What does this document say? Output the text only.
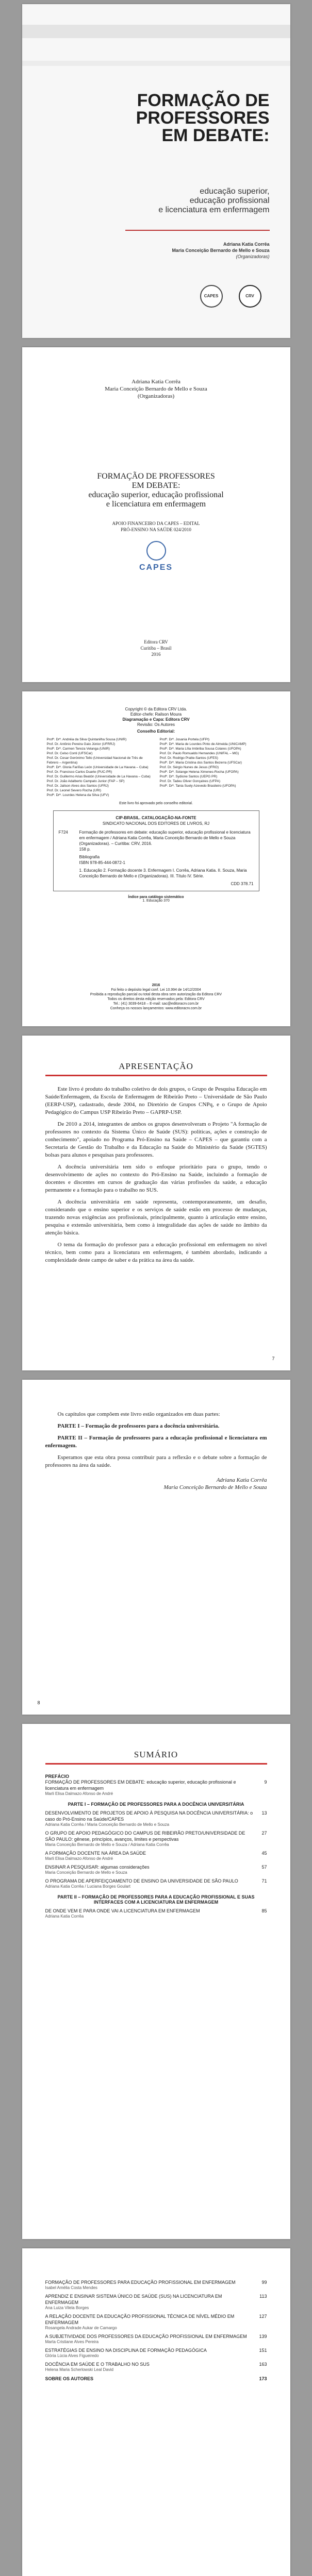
FORMAÇÃO DE
PROFESSORES
EM DEBATE:
educação superior,
educação profissional
e licenciatura em enfermagem
Adriana Katia Corrêa
Maria Conceição Bernardo de Mello e Souza
(Organizadoras)
CAPES	CRV
Adriana Katia Corrêa
Maria Conceição Bernardo de Mello e Souza
(Organizadoras)
FORMAÇÃO DE PROFESSORES
EM DEBATE:
educação superior, educação profissional
e licenciatura em enfermagem
APOIO FINANCEIRO DA CAPES – EDITAL
PRÓ-ENSINO NA SAÚDE 024/2010
CAPES
Editora CRV
Curitiba – Brasil
2016
Copyright © da Editora CRV Ltda.
Editor-chefe: Railson Moura
Diagramação e Capa: Editora CRV
Revisão: Os Autores
Conselho Editorial:
Profª. Drª. Andréia da Silva Quintanilha Sousa (UNIR)
Prof. Dr. Antônio Pereira Gaio Júnior (UFRRJ)
Profª. Drª. Carmen Tereza Velanga (UNIR)
Prof. Dr. Celso Conti (UFSCar)
Prof. Dr. Cesar Gerónimo Tello (Universidad Nacional de Três de Febrero – Argentina)
Profª. Drª. Gloria Fariñas León (Universidade de La Havana – Cuba)
Prof. Dr. Francisco Carlos Duarte (PUC-PR)
Prof. Dr. Guillermo Arias Beatón (Universidade de La Havana – Cuba)
Prof. Dr. João Adalberto Campato Junior (FAP – SP)
Prof. Dr. Jailson Alves dos Santos (UFRJ)
Prof. Dr. Leonel Severo Rocha (URI)
Profª. Drª. Lourdes Helena da Silva (UFV)
Profª. Drª. Josania Portela (UFPI)
Profª. Drª. Maria de Lourdes Pinto de Almeida (UNICAMP)
Profª. Drª. Maria Lília Imbiriba Sousa Colares (UFOPA)
Prof. Dr. Paulo Romualdo Hernandes (UNIFAL – MG)
Prof. Dr. Rodrigo Pratte-Santos (UFES)
Profª. Drª. Maria Cristina dos Santos Bezerra (UFSCar)
Prof. Dr. Sérgio Nunes de Jesus (IFRO)
Profª. Drª. Solange Helena Ximenes-Rocha (UFOPA)
Profª. Drª. Sydione Santos (UEPG PR)
Prof. Dr. Tadeu Oliver Gonçalves (UFPA)
Profª. Drª. Tania Suely Azevedo Brasileiro (UFOPA)
Este livro foi aprovado pelo conselho editorial.
CIP-BRASIL. CATALOGAÇÃO-NA-FONTE
SINDICATO NACIONAL DOS EDITORES DE LIVROS, RJ
F724	Formação de professores em debate: educação superior, educação profissional e licenciatura em enfermagem / Adriana Katia Corrêa, Maria Conceição Bernardo de Mello e Souza (Organizadoras). – Curitiba: CRV, 2016.
158 p.
Bibliografia
ISBN 978-85-444-0872-1
1. Educação 2. Formação docente 3. Enfermagem I. Corrêa, Adriana Katia. II. Souza, Maria Conceição Bernardo de Mello e (Organizadoras). III. Título IV. Série.
CDD 378.71
Índice para catálogo sistemático
1. Educação 370
2016
Foi feito o depósito legal conf. Lei 10.994 de 14/12/2004
Proibida a reprodução parcial ou total desta obra sem autorização da Editora CRV
Todos os direitos desta edição reservados pela: Editora CRV
Tel.: (41) 3039-6418 – E-mail: sac@editoracrv.com.br
Conheça os nossos lançamentos: www.editoracrv.com.br
APRESENTAÇÃO

Este livro é produto do trabalho coletivo de dois grupos, o Grupo de Pesquisa Educação em Saúde/Enfermagem, da Escola de Enfermagem de Ribeirão Preto – Universidade de São Paulo (EERP-USP), cadastrado, desde 2004, no Diretório de Grupos CNPq, e o Grupo de Apoio Pedagógico do Campus USP Ribeirão Preto – GAPRP-USP.

De 2010 a 2014, integrantes de ambos os grupos desenvolveram o Projeto "A formação de professores no contexto da Sistema Único de Saúde (SUS): políticas, ações e construção de conhecimento", apoiado no Programa Pró-Ensino na Saúde – CAPES – que garantiu com a Secretaria de Gestão do Trabalho e da Educação na Saúde do Ministério da Saúde (SGTES) bolsas para alunos e pesquisas para professores.

A docência universitária tem sido o enfoque prioritário para o grupo, tendo o desenvolvimento de ações no contexto do Pró-Ensino na Saúde, incluindo a formação de docentes e discentes em cursos de graduação das várias profissões da saúde, a educação permanente e a formação para o trabalho no SUS.

A docência universitária em saúde representa, contemporaneamente, um desafio, considerando que o ensino superior e os serviços de saúde estão em processo de mudanças, trazendo novas exigências aos profissionais, principalmente, quanto à articulação entre ensino, pesquisa e extensão universitária, bem como à integralidade das ações de saúde no âmbito da atenção básica.

O tema da formação do professor para a educação profissional em enfermagem no nível técnico, bem como para a licenciatura em enfermagem, é também abordado, indicando a complexidade deste campo de saber e da prática na área da saúde.

7

Os capítulos que compõem este livro estão organizados em duas partes:

PARTE I – Formação de professores para a docência universitária.

PARTE II – Formação de professores para a educação profissional e licenciatura em enfermagem.

Esperamos que esta obra possa contribuir para a reflexão e o debate sobre a formação de professores na área da saúde.

Adriana Katia Corrêa
Maria Conceição Bernardo de Mello e Souza
8
SUMÁRIO
PREFÁCIO
FORMAÇÃO DE PROFESSORES EM DEBATE: educação superior, educação profissional e licenciatura em enfermagem
9
Marli Elisa Dalmazo Afonso de André
PARTE I – FORMAÇÃO DE PROFESSORES PARA A DOCÊNCIA UNIVERSITÁRIA
DESENVOLVIMENTO DE PROJETOS DE APOIO À PESQUISA NA DOCÊNCIA UNIVERSITÁRIA: o caso do Pró-Ensino na Saúde/CAPES
13
Adriana Katia Corrêa / Maria Conceição Bernardo de Mello e Souza
O GRUPO DE APOIO PEDAGÓGICO DO CAMPUS DE RIBEIRÃO PRETO/UNIVERSIDADE DE SÃO PAULO: gênese, princípios, avanços, limites e perspectivas
27
Maria Conceição Bernardo de Mello e Souza / Adriana Katia Corrêa
A FORMAÇÃO DOCENTE NA ÁREA DA SAÚDE	45
Marli Elisa Dalmazo Afonso de André
ENSINAR A PESQUISAR: algumas considerações	57
Maria Conceição Bernardo de Mello e Souza
O PROGRAMA DE APERFEIÇOAMENTO DE ENSINO DA UNIVERSIDADE DE SÃO PAULO	71
Adriana Katia Corrêa / Luciana Borges Goulart
PARTE II – FORMAÇÃO DE PROFESSORES PARA A EDUCAÇÃO PROFISSIONAL E SUAS INTERFACES COM A LICENCIATURA EM ENFERMAGEM
DE ONDE VEM E PARA ONDE VAI A LICENCIATURA EM ENFERMAGEM	85
Adriana Katia Corrêa
FORMAÇÃO DE PROFESSORES PARA EDUCAÇÃO PROFISSIONAL EM ENFERMAGEM	99
Isabel Amélia Costa Mendes
APRENDIZ E ENSINAR SISTEMA ÚNICO DE SAÚDE (SUS) NA LICENCIATURA EM ENFERMAGEM
113
Ana Luiza Vilela Borges
A RELAÇÃO DOCENTE DA EDUCAÇÃO PROFISSIONAL TÉCNICA DE NÍVEL MÉDIO EM ENFERMAGEM
127
Rosangela Andrade Aukar de Camargo
A SUBJETIVIDADE DOS PROFESSORES DA EDUCAÇÃO PROFISSIONAL EM ENFERMAGEM	139
Marta Cristiane Alves Pereira
ESTRATÉGIAS DE ENSINO NA DISCIPLINA DE FORMAÇÃO PEDAGÓGICA	151
Glória Lúcia Alves Figueiredo
DOCÊNCIA EM SAÚDE E O TRABALHO NO SUS	163
Helena Maria Scherlowski Leal David
SOBRE OS AUTORES	173
